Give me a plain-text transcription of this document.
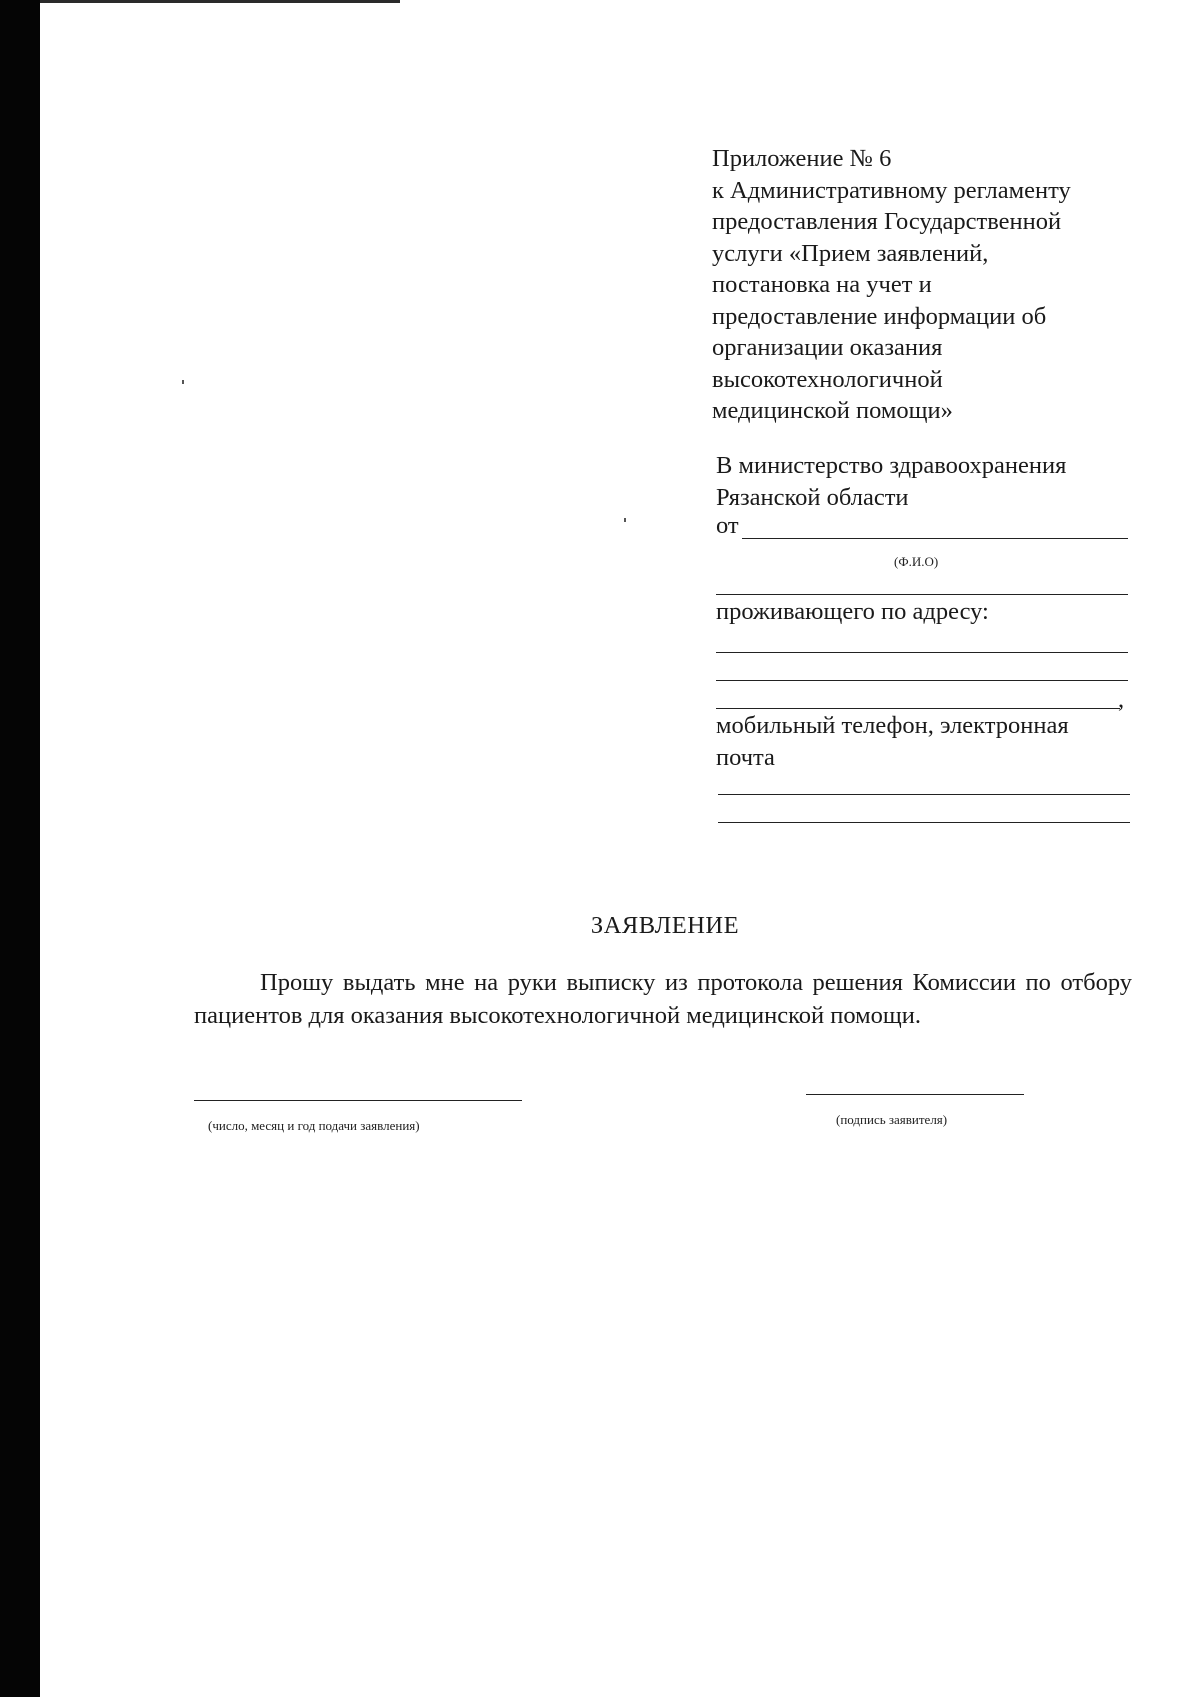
Приложение № 6
к Административному регламенту
предоставления Государственной
услуги «Прием заявлений,
постановка на учет и
предоставление информации об
организации оказания
высокотехнологичной
медицинской помощи»
В министерство здравоохранения
Рязанской области
от
(Ф.И.О)
проживающего по адресу:
,
мобильный телефон, электронная
почта
ЗАЯВЛЕНИЕ
Прошу выдать мне на руки выписку из протокола решения Комиссии по отбору пациентов для оказания высокотехнологичной медицинской помощи.
(число, месяц и год подачи заявления)	(подпись заявителя)
